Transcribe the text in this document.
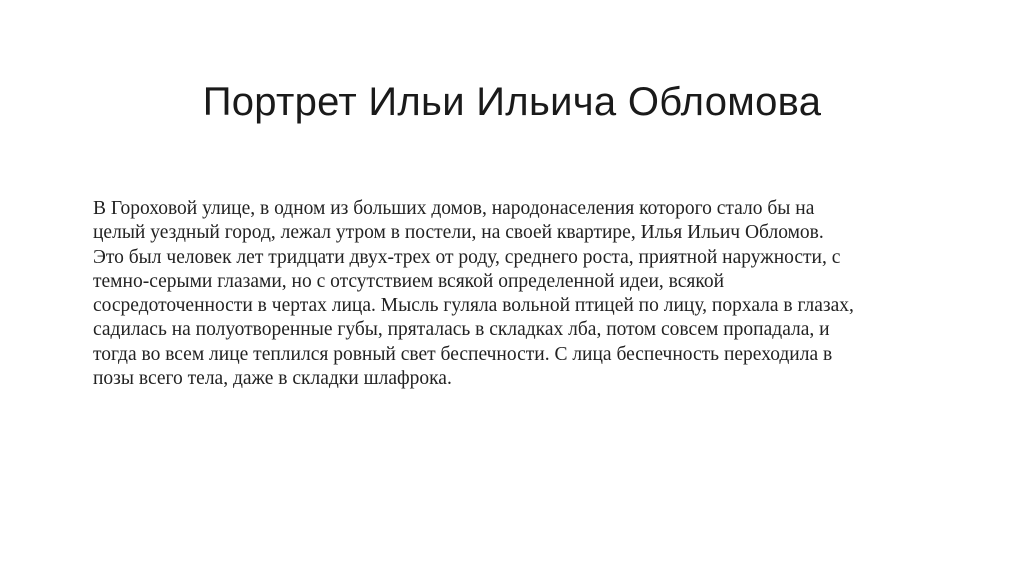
Портрет Ильи Ильича Обломова

В Гороховой улице, в одном из больших домов, народонаселения которого стало бы на
целый уездный город, лежал утром в постели, на своей квартире, Илья Ильич Обломов.
Это был человек лет тридцати двух-трех от роду, среднего роста, приятной наружности, с
темно-серыми глазами, но с отсутствием всякой определенной идеи, всякой
сосредоточенности в чертах лица. Мысль гуляла вольной птицей по лицу, порхала в глазах,
садилась на полуотворенные губы, пряталась в складках лба, потом совсем пропадала, и
тогда во всем лице теплился ровный свет беспечности. С лица беспечность переходила в
позы всего тела, даже в складки шлафрока.
